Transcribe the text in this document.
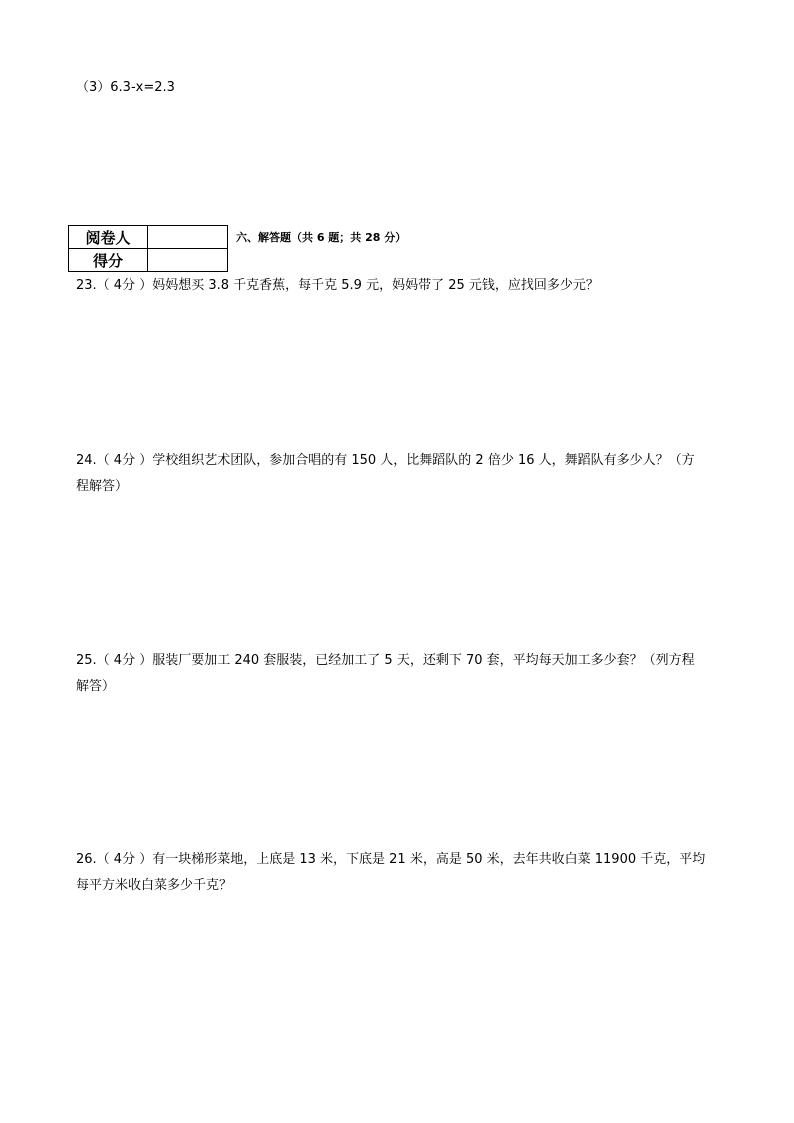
（3）6.3-x=2.3
阅卷人	
得分	
六、解答题（共 6 题；共 28 分）
23.（ 4分 ）妈妈想买 3.8 千克香蕉，每千克 5.9 元，妈妈带了 25 元钱，应找回多少元？
24.（ 4分 ）学校组织艺术团队，参加合唱的有 150 人，比舞蹈队的 2 倍少 16 人，舞蹈队有多少人？（方
程解答）
25.（ 4分 ）服装厂要加工 240 套服装，已经加工了 5 天，还剩下 70 套，平均每天加工多少套？（列方程
解答）
26.（ 4分 ）有一块梯形菜地，上底是 13 米，下底是 21 米，高是 50 米，去年共收白菜 11900 千克，平均
每平方米收白菜多少千克？
